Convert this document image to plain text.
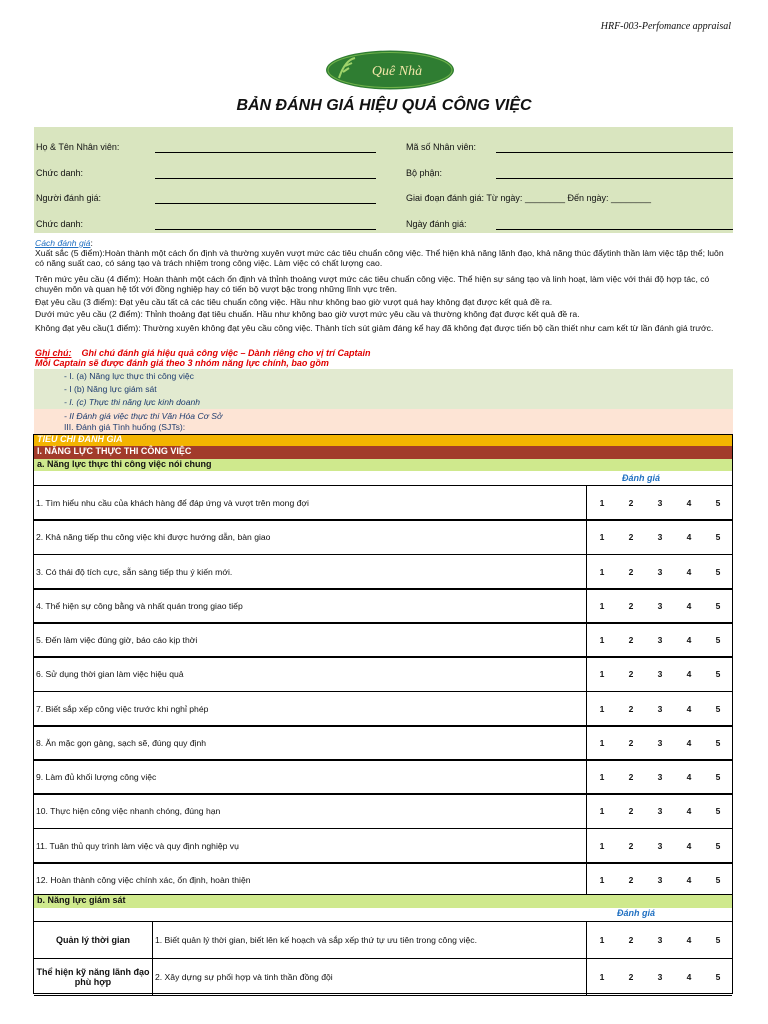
HRF-003-Perfomance appraisal
Quê Nhà
BẢN ĐÁNH GIÁ HIỆU QUẢ CÔNG VIỆC
Họ & Tên Nhân viên:	Mã số Nhân viên:
Chức danh:	Bộ phận:
Người đánh giá:	Giai đoạn đánh giá: Từ ngày: ________ Đến ngày: ________
Chức danh:	Ngày đánh giá:
Cách đánh giá:
Xuất sắc (5 điểm):Hoàn thành một cách ổn định và thường xuyên vượt mức các tiêu chuẩn công việc. Thể hiện khả năng lãnh đạo, khả năng thúc đẩytinh thần làm việc tập thể; luôn có năng suất cao, có sáng tạo và trách nhiệm trong công việc. Làm việc có chất lượng cao.
Trên mức yêu cầu (4 điểm): Hoàn thành một cách ổn định và thỉnh thoảng vượt mức các tiêu chuẩn công việc. Thể hiện sự sáng tạo và linh hoạt, làm việc với thái độ hợp tác, có chuyên môn và quan hệ tốt với đồng nghiệp hay có tiến bộ vượt bậc trong những lĩnh vực trên.
Đạt yêu cầu (3 điểm): Đạt yêu cầu tất cả các tiêu chuẩn công việc. Hầu như không bao giờ vượt quá hay không đạt được kết quả đề ra.
Dưới mức yêu cầu (2 điểm): Thỉnh thoảng đạt tiêu chuẩn. Hầu như không bao giờ vượt mức yêu cầu và thường không đạt được kết quả đề ra.
Không đạt yêu cầu(1 điểm): Thường xuyên không đạt yêu cầu công việc. Thành tích sút giảm đáng kể hay đã không đạt được tiến bộ cần thiết như cam kết từ lần đánh giá trước.
Ghi chú: Ghi chú đánh giá hiệu quả công việc – Dành riêng cho vị trí Captain
Mỗi Captain sẽ được đánh giá theo 3 nhóm năng lực chính, bao gồm
- I. (a) Năng lực thực thi công việc
- I (b) Năng lực giám sát
- I. (c) Thực thi năng lực kinh doanh
- II Đánh giá việc thực thi Văn Hóa Cơ Sở
III. Đánh giá Tình huống (SJTs):
TIÊU CHÍ ĐÁNH GIÁ
I. NĂNG LỰC THỰC THI CÔNG VIỆC
a. Năng lực thực thi công việc nói chung
Đánh giá
1. Tìm hiểu nhu cầu của khách hàng để đáp ứng và vượt trên mong đợi	1	2	3	4	5
2. Khả năng tiếp thu công việc khi được hướng dẫn, bàn giao	1	2	3	4	5
3. Có thái độ tích cực, sẵn sàng tiếp thu ý kiến mới.	1	2	3	4	5
4. Thể hiện sự công bằng và nhất quán trong giao tiếp	1	2	3	4	5
5. Đến làm việc đúng giờ, báo cáo kịp thời	1	2	3	4	5
6. Sử dụng thời gian làm việc hiệu quả	1	2	3	4	5
7. Biết sắp xếp công việc trước khi nghỉ phép	1	2	3	4	5
8. Ăn mặc gọn gàng, sạch sẽ, đúng quy định	1	2	3	4	5
9. Làm đủ khối lượng công việc	1	2	3	4	5
10. Thực hiện công việc nhanh chóng, đúng hạn	1	2	3	4	5
11. Tuân thủ quy trình làm việc và quy định nghiệp vụ	1	2	3	4	5
12. Hoàn thành công việc chính xác, ổn định, hoàn thiện	1	2	3	4	5
b. Năng lực giám sát
Đánh giá
Quản lý thời gian	1. Biết quản lý thời gian, biết lên kế hoạch và sắp xếp thứ tự ưu tiên trong công việc.	1	2	3	4	5
Thể hiện kỹ năng lãnh đạo phù hợp	2. Xây dựng sự phối hợp và tinh thần đồng đội	1	2	3	4	5
